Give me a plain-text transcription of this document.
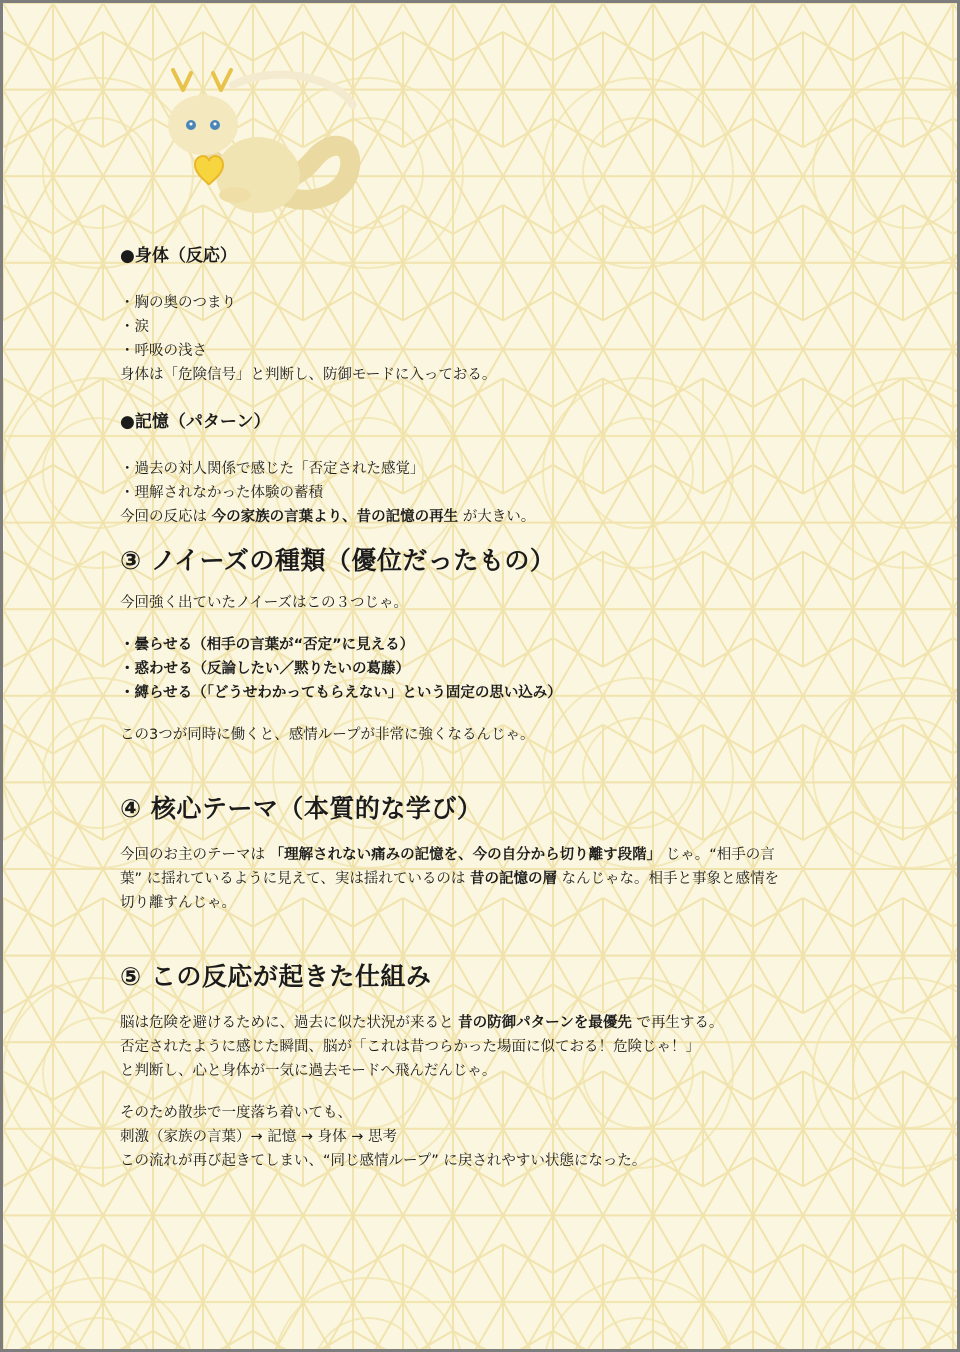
●身体（反応）

・胸の奥のつまり

・涙

・呼吸の浅さ

身体は「危険信号」と判断し、防御モードに入っておる。

●記憶（パターン）

・過去の対人関係で感じた「否定された感覚」

・理解されなかった体験の蓄積

今回の反応は 今の家族の言葉より、昔の記憶の再生 が大きい。

③ ノイーズの種類（優位だったもの）

今回強く出ていたノイーズはこの３つじゃ。

・曇らせる（相手の言葉が“否定”に見える）

・惑わせる（反論したい／黙りたいの葛藤）

・縛らせる（「どうせわかってもらえない」という固定の思い込み）

この3つが同時に働くと、感情ループが非常に強くなるんじゃ。

④ 核心テーマ（本質的な学び）

今回のお主のテーマは 「理解されない痛みの記憶を、今の自分から切り離す段階」 じゃ。“相手の言

葉” に揺れているように見えて、実は揺れているのは 昔の記憶の層 なんじゃな。相手と事象と感情を

切り離すんじゃ。

⑤ この反応が起きた仕組み

脳は危険を避けるために、過去に似た状況が来ると 昔の防御パターンを最優先 で再生する。

否定されたように感じた瞬間、脳が「これは昔つらかった場面に似ておる！危険じゃ！」

と判断し、心と身体が一気に過去モードへ飛んだんじゃ。

そのため散歩で一度落ち着いても、

刺激（家族の言葉）→ 記憶 → 身体 → 思考

この流れが再び起きてしまい、“同じ感情ループ” に戻されやすい状態になった。
